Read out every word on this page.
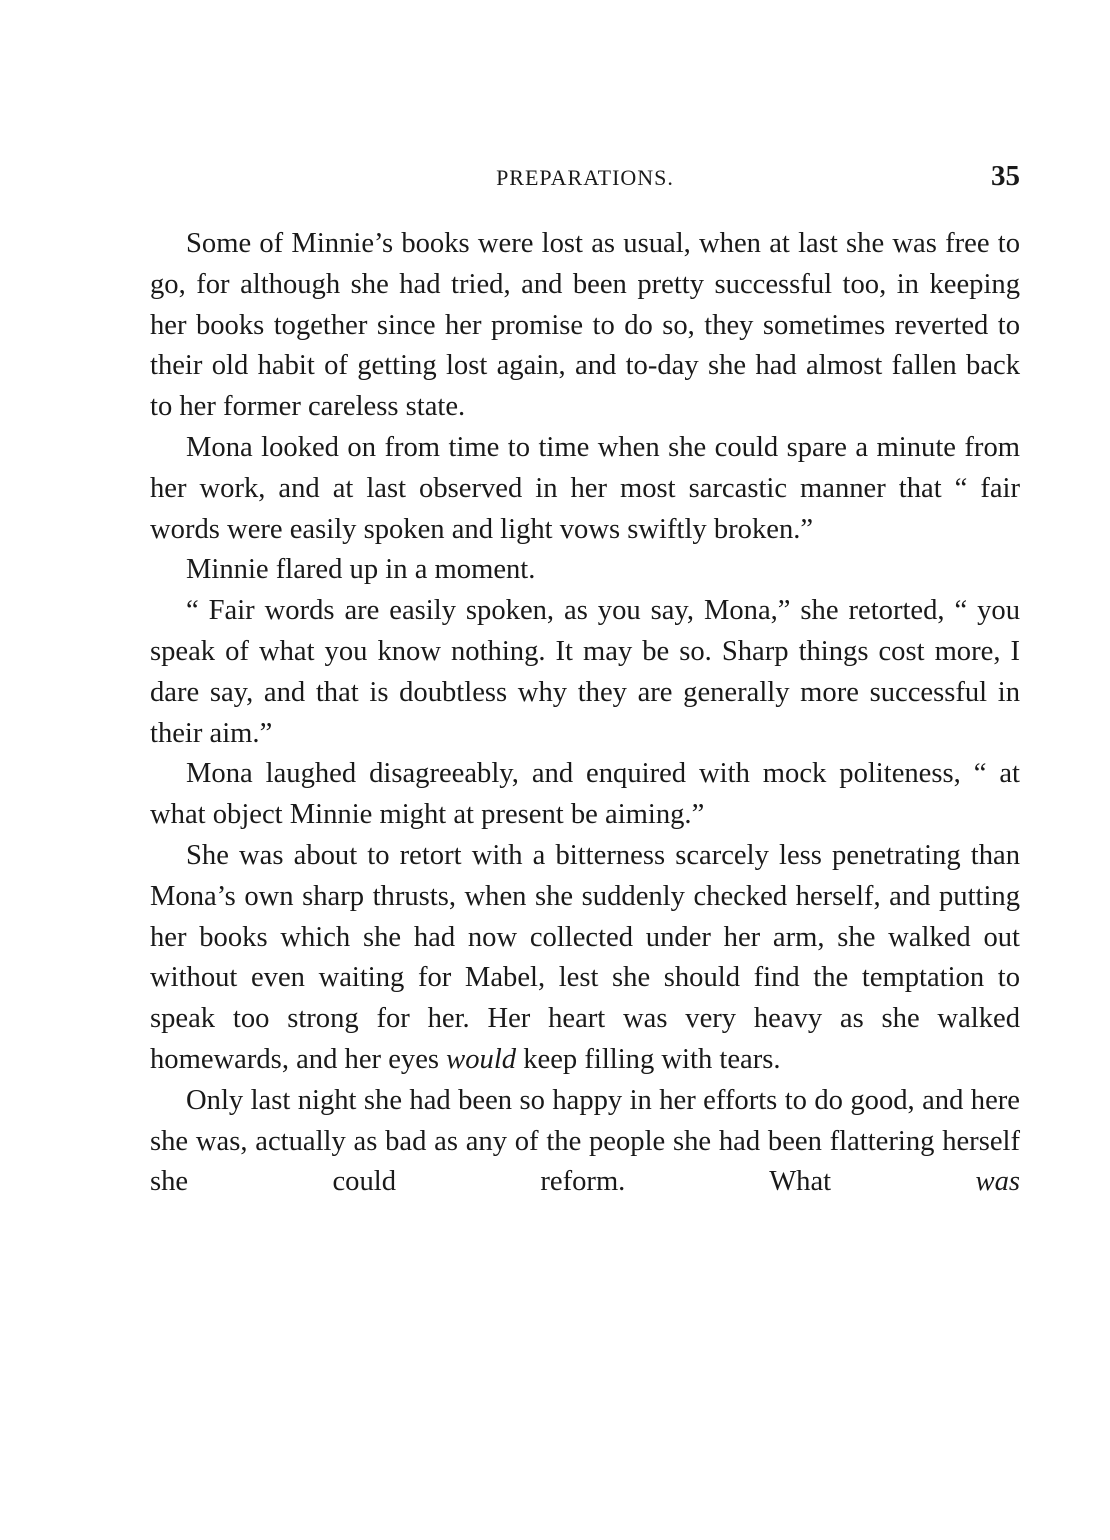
PREPARATIONS.	35

Some of Minnie’s books were lost as usual, when at last she was free to go, for although she had tried, and been pretty successful too, in keeping her books together since her promise to do so, they sometimes reverted to their old habit of getting lost again, and to-day she had almost fallen back to her former careless state.

Mona looked on from time to time when she could spare a minute from her work, and at last observed in her most sarcastic manner that “ fair words were easily spoken and light vows swiftly broken.”

Minnie flared up in a moment.

“ Fair words are easily spoken, as you say, Mona,” she retorted, “ you speak of what you know nothing. It may be so. Sharp things cost more, I dare say, and that is doubtless why they are generally more successful in their aim.”

Mona laughed disagreeably, and enquired with mock politeness, “ at what object Minnie might at present be aiming.”

She was about to retort with a bitterness scarcely less penetrating than Mona’s own sharp thrusts, when she suddenly checked herself, and putting her books which she had now collected under her arm, she walked out without even waiting for Mabel, lest she should find the temptation to speak too strong for her. Her heart was very heavy as she walked homewards, and her eyes would keep filling with tears.

Only last night she had been so happy in her efforts to do good, and here she was, actually as bad as any of the people she had been flattering herself she could reform. What was
